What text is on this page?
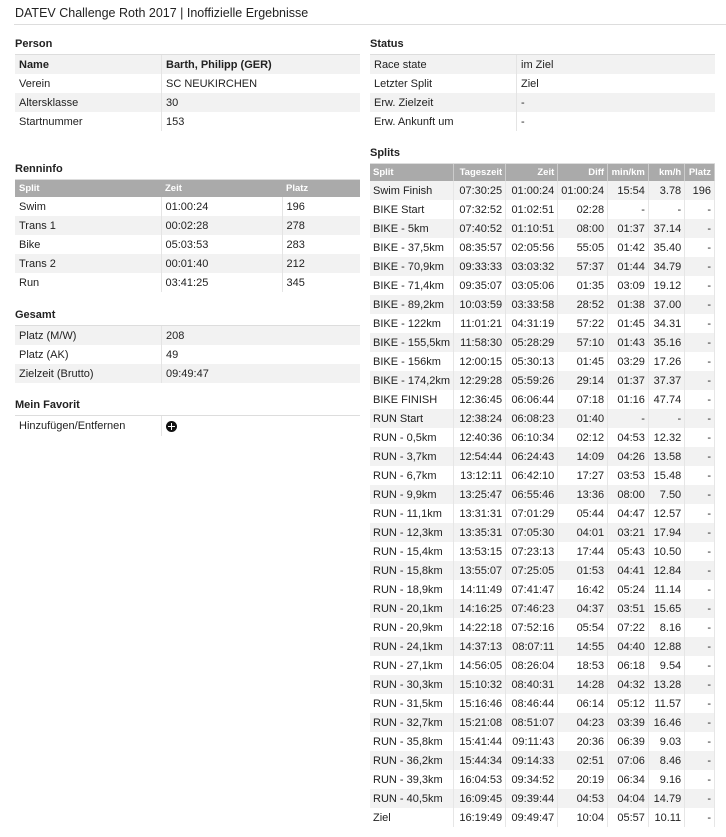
DATEV Challenge Roth 2017 | Inoffizielle Ergebnisse
Person
Name	Barth, Philipp (GER)
Verein	SC NEUKIRCHEN
Altersklasse	30
Startnummer	153
Status
Race state	im Ziel
Letzter Split	Ziel
Erw. Zielzeit	-
Erw. Ankunft um	-
Renninfo
Split	Zeit	Platz
Swim	01:00:24	196
Trans 1	00:02:28	278
Bike	05:03:53	283
Trans 2	00:01:40	212
Run	03:41:25	345
Gesamt
Platz (M/W)	208
Platz (AK)	49
Zielzeit (Brutto)	09:49:47
Mein Favorit
Hinzufügen/Entfernen	
Splits
Split	Tageszeit	Zeit	Diff	min/km	km/h	Platz
Swim Finish	07:30:25	01:00:24	01:00:24	15:54	3.78	196
BIKE Start	07:32:52	01:02:51	02:28	-	-	-
BIKE - 5km	07:40:52	01:10:51	08:00	01:37	37.14	-
BIKE - 37,5km	08:35:57	02:05:56	55:05	01:42	35.40	-
BIKE - 70,9km	09:33:33	03:03:32	57:37	01:44	34.79	-
BIKE - 71,4km	09:35:07	03:05:06	01:35	03:09	19.12	-
BIKE - 89,2km	10:03:59	03:33:58	28:52	01:38	37.00	-
BIKE - 122km	11:01:21	04:31:19	57:22	01:45	34.31	-
BIKE - 155,5km	11:58:30	05:28:29	57:10	01:43	35.16	-
BIKE - 156km	12:00:15	05:30:13	01:45	03:29	17.26	-
BIKE - 174,2km	12:29:28	05:59:26	29:14	01:37	37.37	-
BIKE FINISH	12:36:45	06:06:44	07:18	01:16	47.74	-
RUN Start	12:38:24	06:08:23	01:40	-	-	-
RUN - 0,5km	12:40:36	06:10:34	02:12	04:53	12.32	-
RUN - 3,7km	12:54:44	06:24:43	14:09	04:26	13.58	-
RUN - 6,7km	13:12:11	06:42:10	17:27	03:53	15.48	-
RUN - 9,9km	13:25:47	06:55:46	13:36	08:00	7.50	-
RUN - 11,1km	13:31:31	07:01:29	05:44	04:47	12.57	-
RUN - 12,3km	13:35:31	07:05:30	04:01	03:21	17.94	-
RUN - 15,4km	13:53:15	07:23:13	17:44	05:43	10.50	-
RUN - 15,8km	13:55:07	07:25:05	01:53	04:41	12.84	-
RUN - 18,9km	14:11:49	07:41:47	16:42	05:24	11.14	-
RUN - 20,1km	14:16:25	07:46:23	04:37	03:51	15.65	-
RUN - 20,9km	14:22:18	07:52:16	05:54	07:22	8.16	-
RUN - 24,1km	14:37:13	08:07:11	14:55	04:40	12.88	-
RUN - 27,1km	14:56:05	08:26:04	18:53	06:18	9.54	-
RUN - 30,3km	15:10:32	08:40:31	14:28	04:32	13.28	-
RUN - 31,5km	15:16:46	08:46:44	06:14	05:12	11.57	-
RUN - 32,7km	15:21:08	08:51:07	04:23	03:39	16.46	-
RUN - 35,8km	15:41:44	09:11:43	20:36	06:39	9.03	-
RUN - 36,2km	15:44:34	09:14:33	02:51	07:06	8.46	-
RUN - 39,3km	16:04:53	09:34:52	20:19	06:34	9.16	-
RUN - 40,5km	16:09:45	09:39:44	04:53	04:04	14.79	-
Ziel	16:19:49	09:49:47	10:04	05:57	10.11	-
